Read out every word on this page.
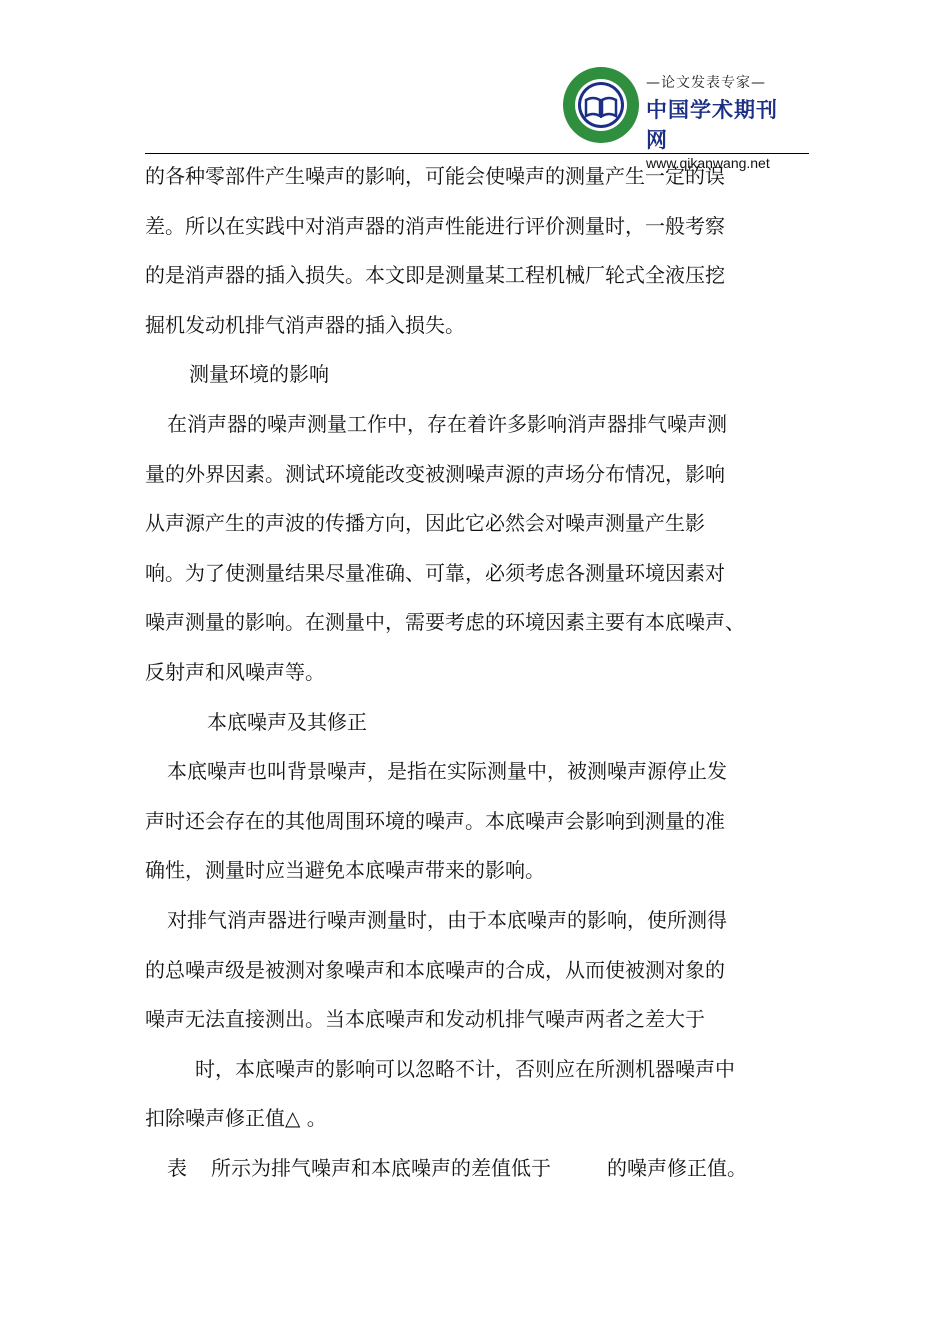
—论文发表专家—
中国学术期刊网
www.qikanwang.net

的各种零部件产生噪声的影响，可能会使噪声的测量产生一定的误
差。所以在实践中对消声器的消声性能进行评价测量时，一般考察
的是消声器的插入损失。本文即是测量某工程机械厂轮式全液压挖
掘机发动机排气消声器的插入损失。

测量环境的影响

在消声器的噪声测量工作中，存在着许多影响消声器排气噪声测

量的外界因素。测试环境能改变被测噪声源的声场分布情况，影响
从声源产生的声波的传播方向，因此它必然会对噪声测量产生影
响。为了使测量结果尽量准确、可靠，必须考虑各测量环境因素对
噪声测量的影响。在测量中，需要考虑的环境因素主要有本底噪声、
反射声和风噪声等。

本底噪声及其修正

本底噪声也叫背景噪声，是指在实际测量中，被测噪声源停止发

声时还会存在的其他周围环境的噪声。本底噪声会影响到测量的准
确性，测量时应当避免本底噪声带来的影响。

对排气消声器进行噪声测量时，由于本底噪声的影响，使所测得

的总噪声级是被测对象噪声和本底噪声的合成，从而使被测对象的
噪声无法直接测出。当本底噪声和发动机排气噪声两者之差大于

时，本底噪声的影响可以忽略不计，否则应在所测机器噪声中

扣除噪声修正值△ 。

表 所示为排气噪声和本底噪声的差值低于	的噪声修正值。
